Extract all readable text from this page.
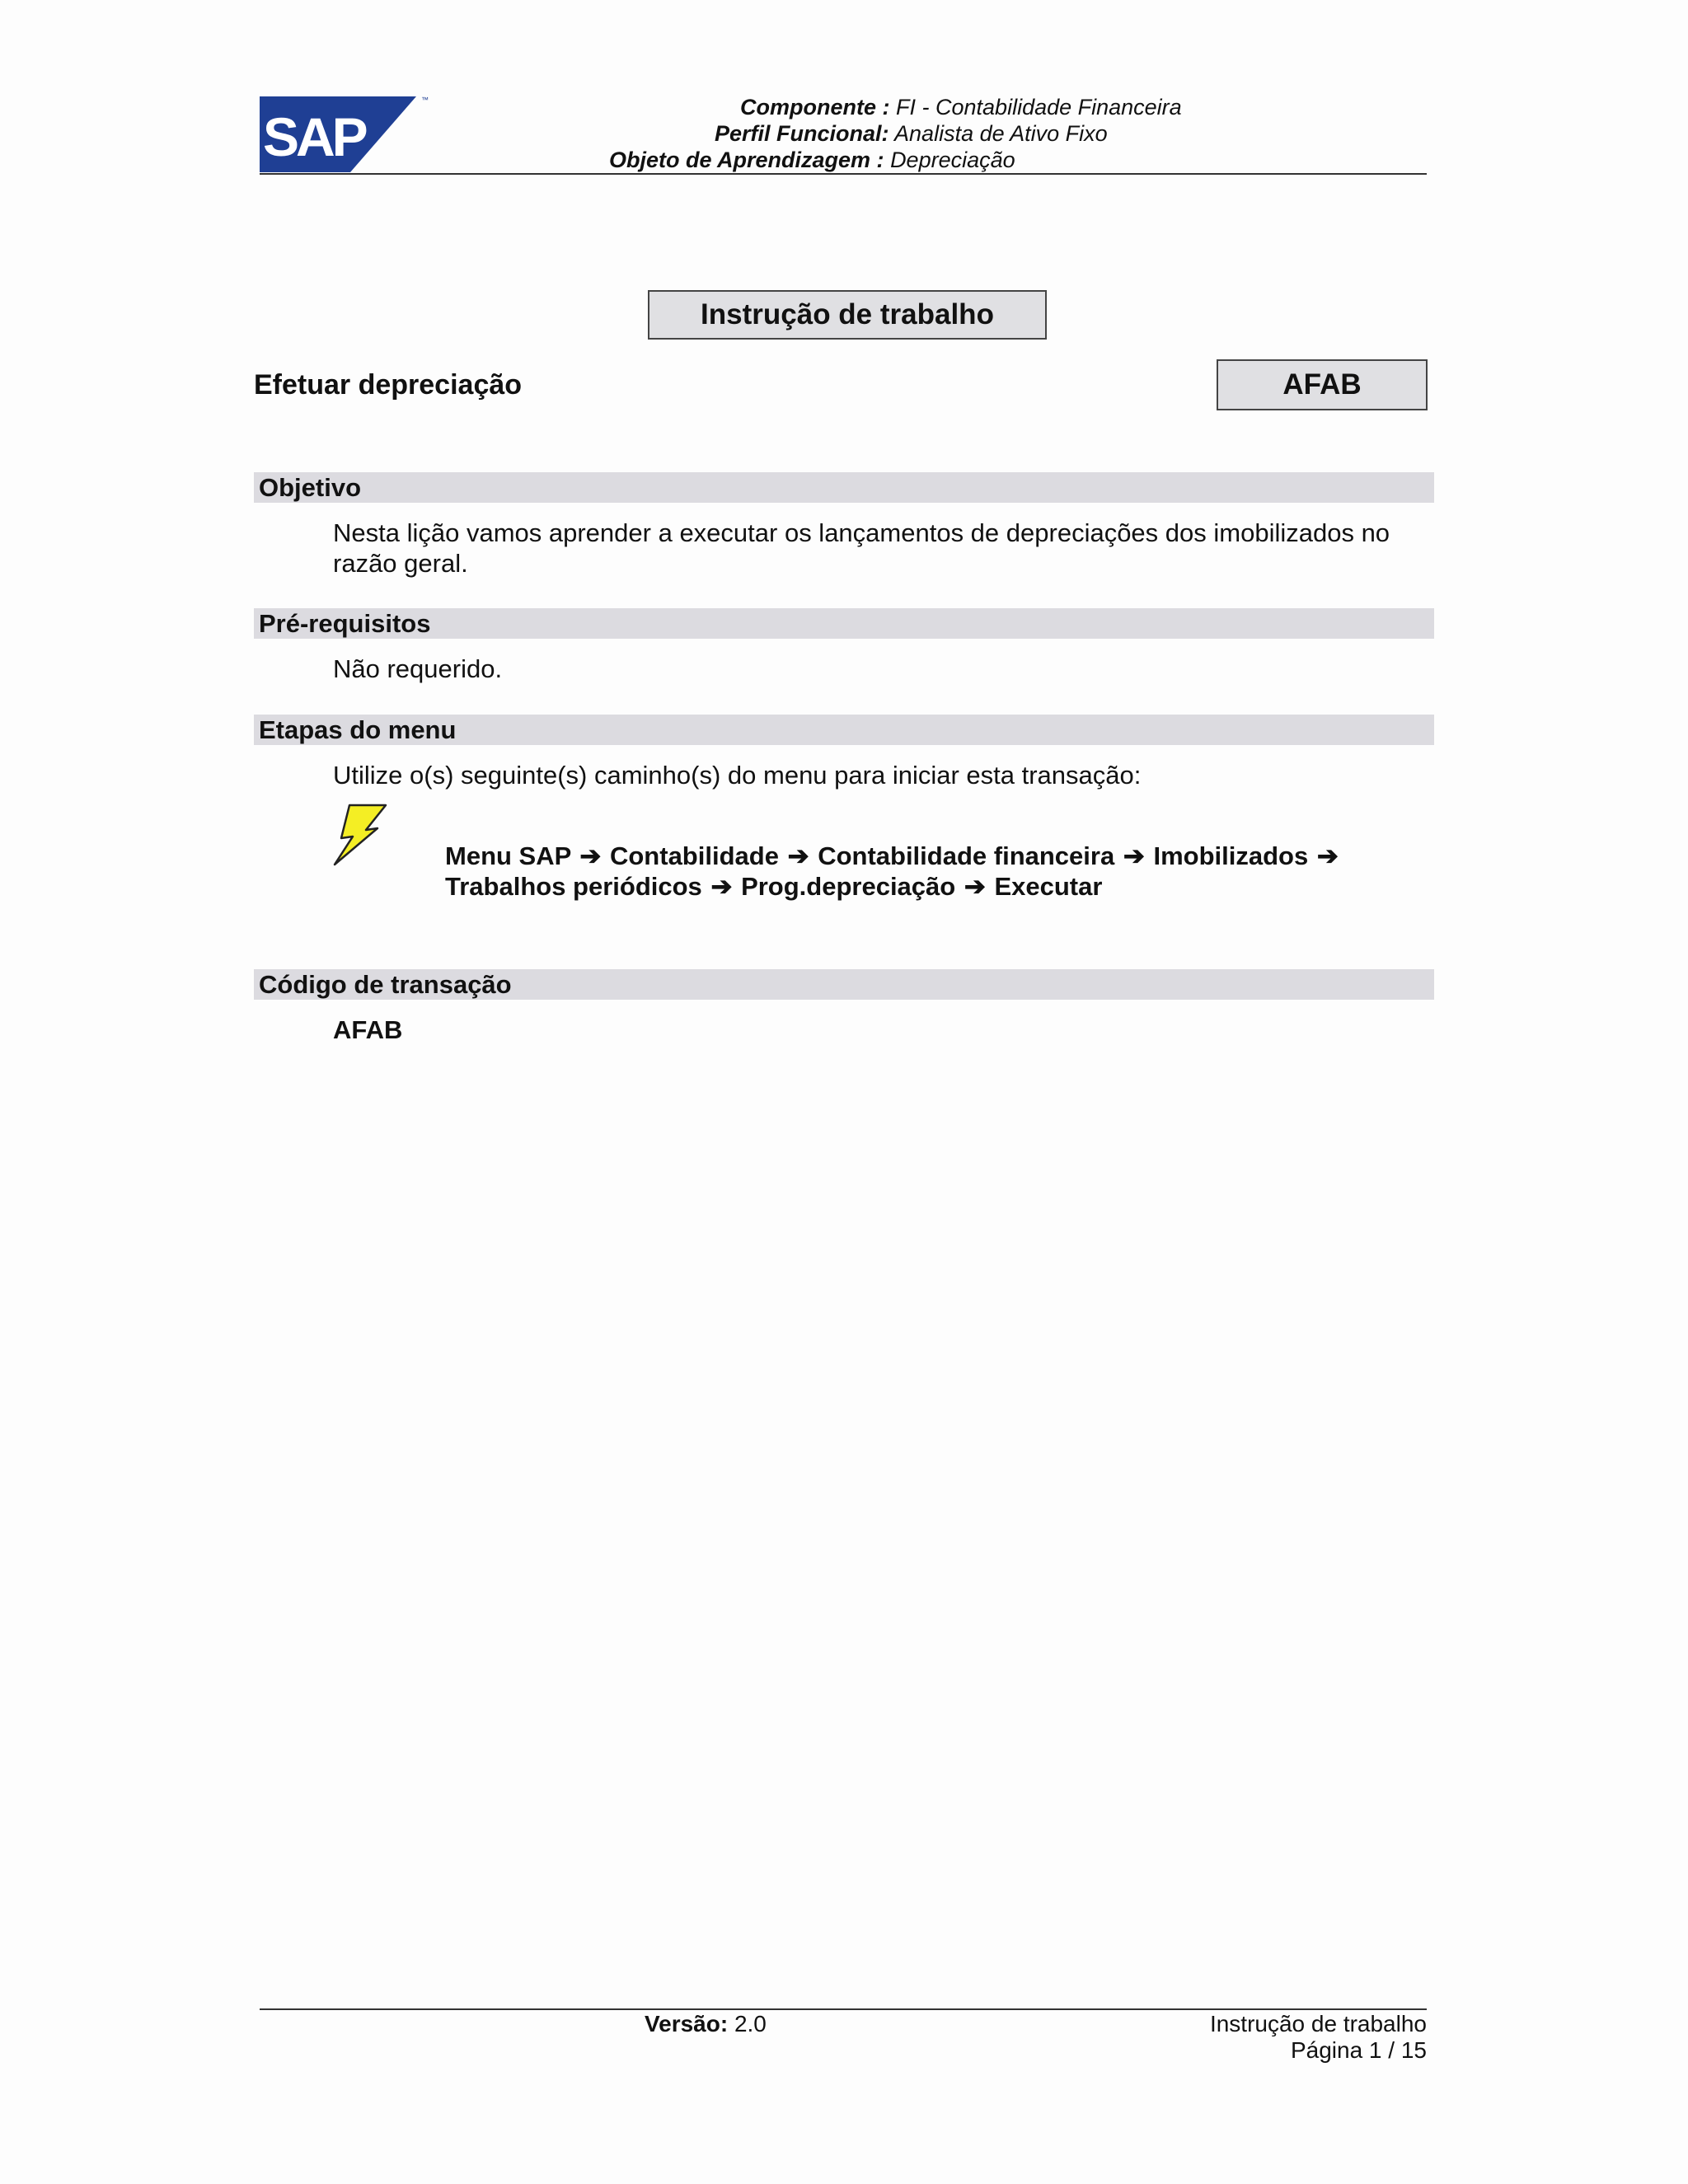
SAP
™	Componente : FI - Contabilidade Financeira
Perfil Funcional: Analista de Ativo Fixo
Objeto de Aprendizagem : Depreciação
Instrução de trabalho
Efetuar depreciação	AFAB
Objetivo
Nesta lição vamos aprender a executar os lançamentos de depreciações dos imobilizados no
razão geral.
Pré-requisitos
Não requerido.
Etapas do menu
Utilize o(s) seguinte(s) caminho(s) do menu para iniciar esta transação:
Menu SAP ➔ Contabilidade ➔ Contabilidade financeira ➔ Imobilizados ➔
Trabalhos periódicos ➔ Prog.depreciação ➔ Executar
Código de transação
AFAB
Versão: 2.0	Instrução de trabalho
Página 1 / 15
